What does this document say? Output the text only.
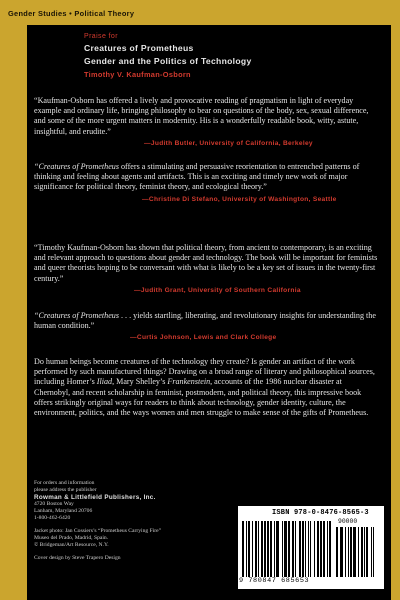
Gender Studies • Political Theory
Praise for
Creatures of Prometheus
Gender and the Politics of Technology
Timothy V. Kaufman-Osborn
“Kaufman-Osborn has offered a lively and provocative reading of pragmatism in light of everyday example and ordinary life, bringing philosophy to bear on questions of the body, sex, sexual difference, and some of the more urgent matters in modernity. His is a wonderfully readable book, witty, astute, insightful, and erudite.”
—Judith Butler, University of California, Berkeley
“Creatures of Prometheus offers a stimulating and persuasive reorientation to entrenched patterns of thinking and feeling about agents and artifacts. This is an exciting and timely new work of major significance for political theory, feminist theory, and ecological theory.”
—Christine Di Stefano, University of Washington, Seattle
“Timothy Kaufman-Osborn has shown that political theory, from ancient to contemporary, is an exciting and relevant approach to questions about gender and technology. The book will be important for feminists and queer theorists hoping to be conversant with what is likely to be a key set of issues in the twenty-first century.”
—Judith Grant, University of Southern California
“Creatures of Prometheus . . . yields startling, liberating, and revolutionary insights for understanding the human condition.”
—Curtis Johnson, Lewis and Clark College
Do human beings become creatures of the technology they create? Is gender an artifact of the work performed by such manufactured things? Drawing on a broad range of literary and philosophical sources, including Homer’s Iliad, Mary Shelley’s Frankenstein, accounts of the 1986 nuclear disaster at Chernobyl, and recent scholarship in feminist, postmodern, and political theory, this impressive book offers strikingly original ways for readers to think about technology, gender identity, culture, the environment, politics, and the ways women and men struggle to make sense of the gifts of Prometheus.
For orders and information
please address the publisher
Rowman & Littlefield Publishers, Inc.
4720 Boston Way
Lanham, Maryland 20706
1-800-462-6420
Jacket photo: Jan Cossiers’s “Prometheus Carrying Fire”
Museo del Prado, Madrid, Spain.
© Bridgeman/Art Resource, N.Y.
Cover design by Steve Trapero Design
ISBN 978-0-8476-8565-3
90000
9 780847 685653
